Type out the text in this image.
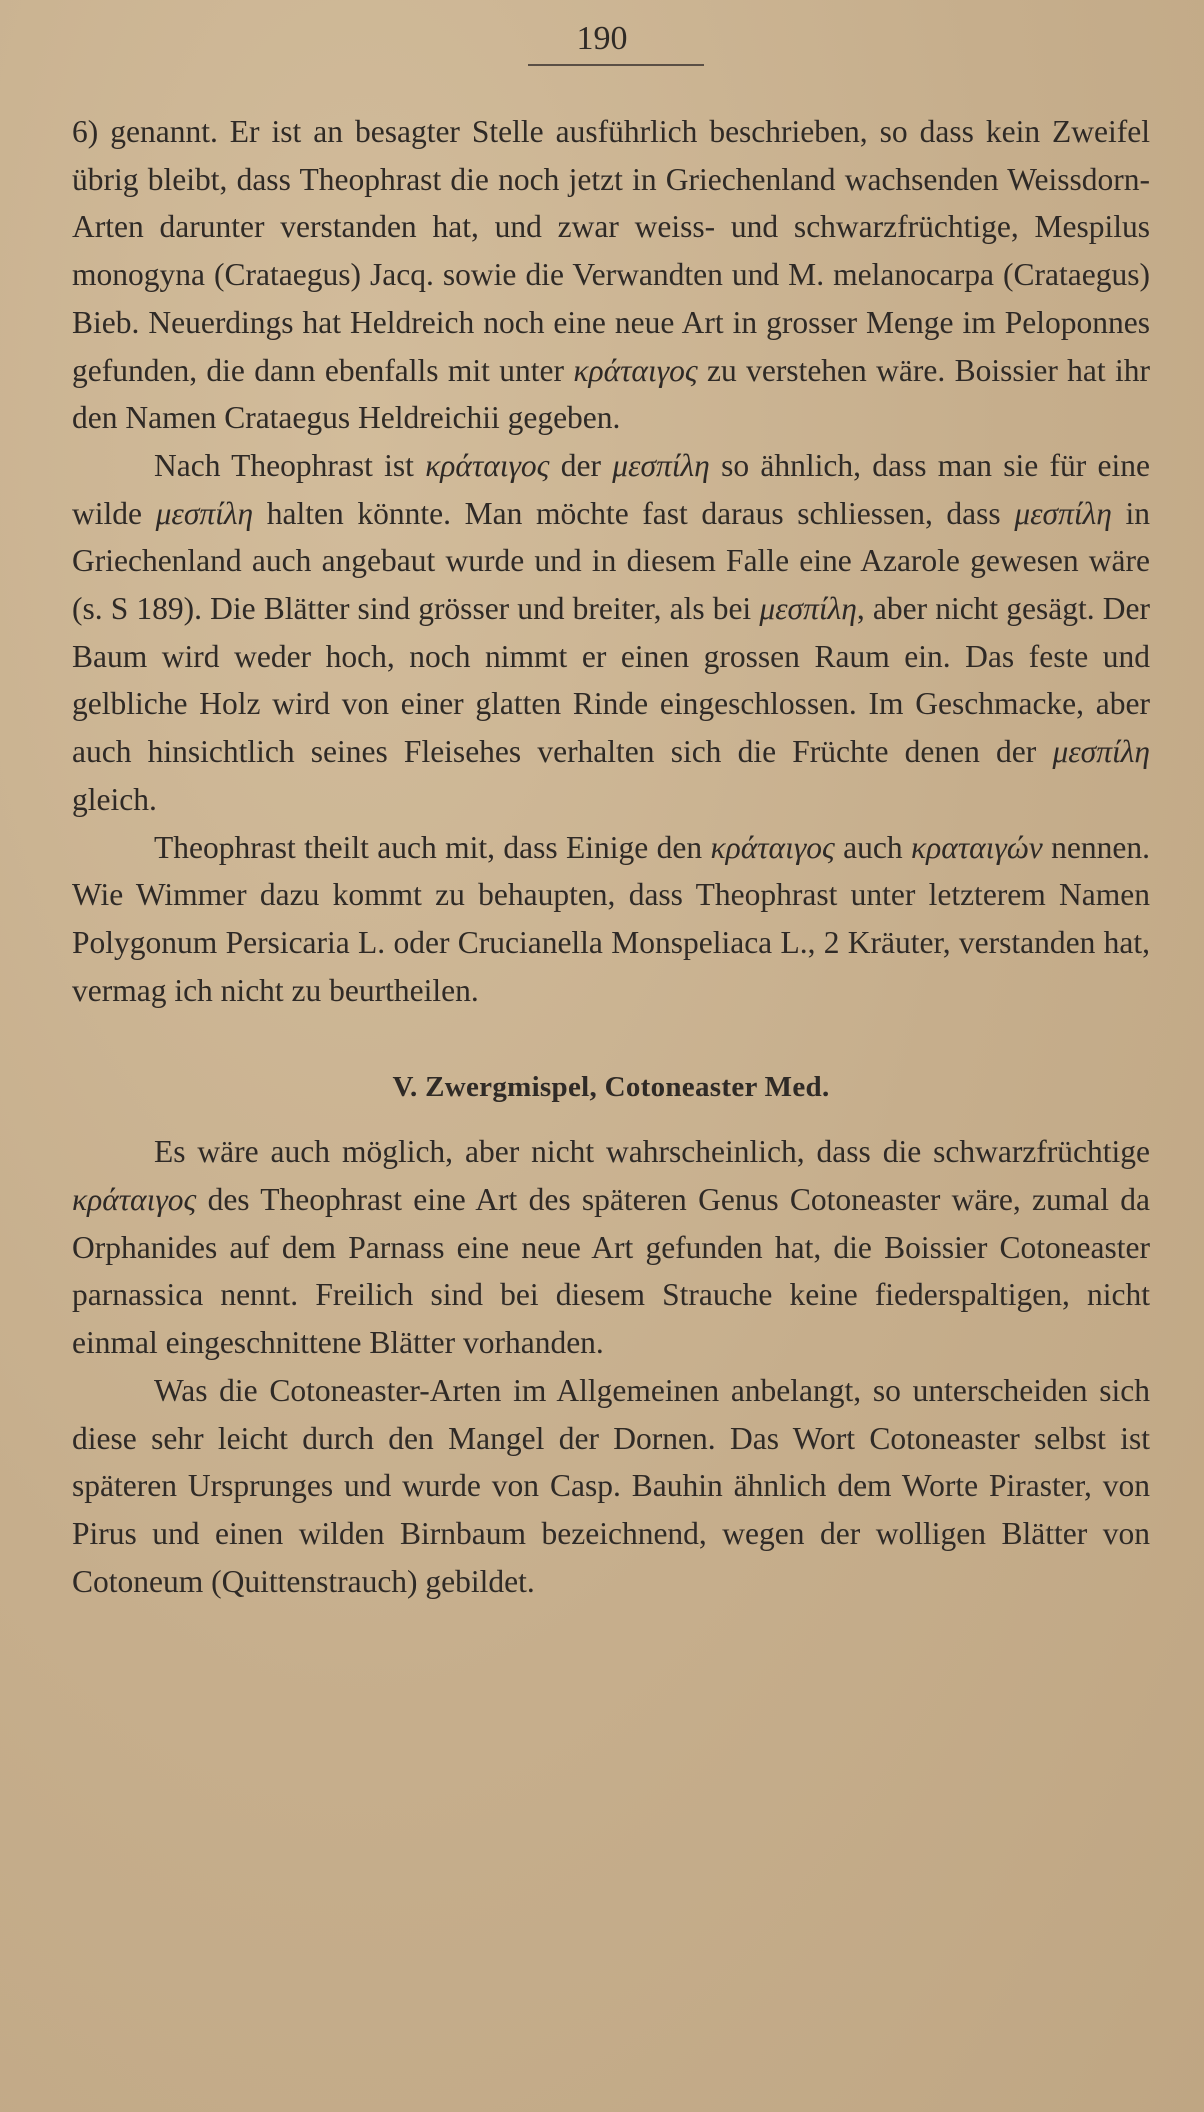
190

6) genannt. Er ist an besagter Stelle ausführlich beschrieben, so dass kein Zweifel übrig bleibt, dass Theophrast die noch jetzt in Griechenland wachsenden Weissdorn-Arten darunter verstanden hat, und zwar weiss- und schwarzfrüchtige, Mespilus monogyna (Crataegus) Jacq. sowie die Verwandten und M. melanocarpa (Crataegus) Bieb. Neuerdings hat Heldreich noch eine neue Art in grosser Menge im Peloponnes gefunden, die dann ebenfalls mit unter κράταιγος zu verstehen wäre. Boissier hat ihr den Namen Crataegus Heldreichii gegeben.

Nach Theophrast ist κράταιγος der μεσπίλη so ähnlich, dass man sie für eine wilde μεσπίλη halten könnte. Man möchte fast daraus schliessen, dass μεσπίλη in Griechenland auch angebaut wurde und in diesem Falle eine Azarole gewesen wäre (s. S 189). Die Blätter sind grösser und breiter, als bei μεσπίλη, aber nicht gesägt. Der Baum wird weder hoch, noch nimmt er einen grossen Raum ein. Das feste und gelbliche Holz wird von einer glatten Rinde eingeschlossen. Im Geschmacke, aber auch hinsichtlich seines Fleisehes verhalten sich die Früchte denen der μεσπίλη gleich.

Theophrast theilt auch mit, dass Einige den κράταιγος auch κραταιγών nennen. Wie Wimmer dazu kommt zu behaupten, dass Theophrast unter letzterem Namen Polygonum Persicaria L. oder Crucianella Monspeliaca L., 2 Kräuter, verstanden hat, vermag ich nicht zu beurtheilen.

V. Zwergmispel, Cotoneaster Med.

Es wäre auch möglich, aber nicht wahrscheinlich, dass die schwarzfrüchtige κράταιγος des Theophrast eine Art des späteren Genus Cotoneaster wäre, zumal da Orphanides auf dem Parnass eine neue Art gefunden hat, die Boissier Cotoneaster parnassica nennt. Freilich sind bei diesem Strauche keine fiederspaltigen, nicht einmal eingeschnittene Blätter vorhanden.

Was die Cotoneaster-Arten im Allgemeinen anbelangt, so unterscheiden sich diese sehr leicht durch den Mangel der Dornen. Das Wort Cotoneaster selbst ist späteren Ursprunges und wurde von Casp. Bauhin ähnlich dem Worte Piraster, von Pirus und einen wilden Birnbaum bezeichnend, wegen der wolligen Blätter von Cotoneum (Quittenstrauch) gebildet.
